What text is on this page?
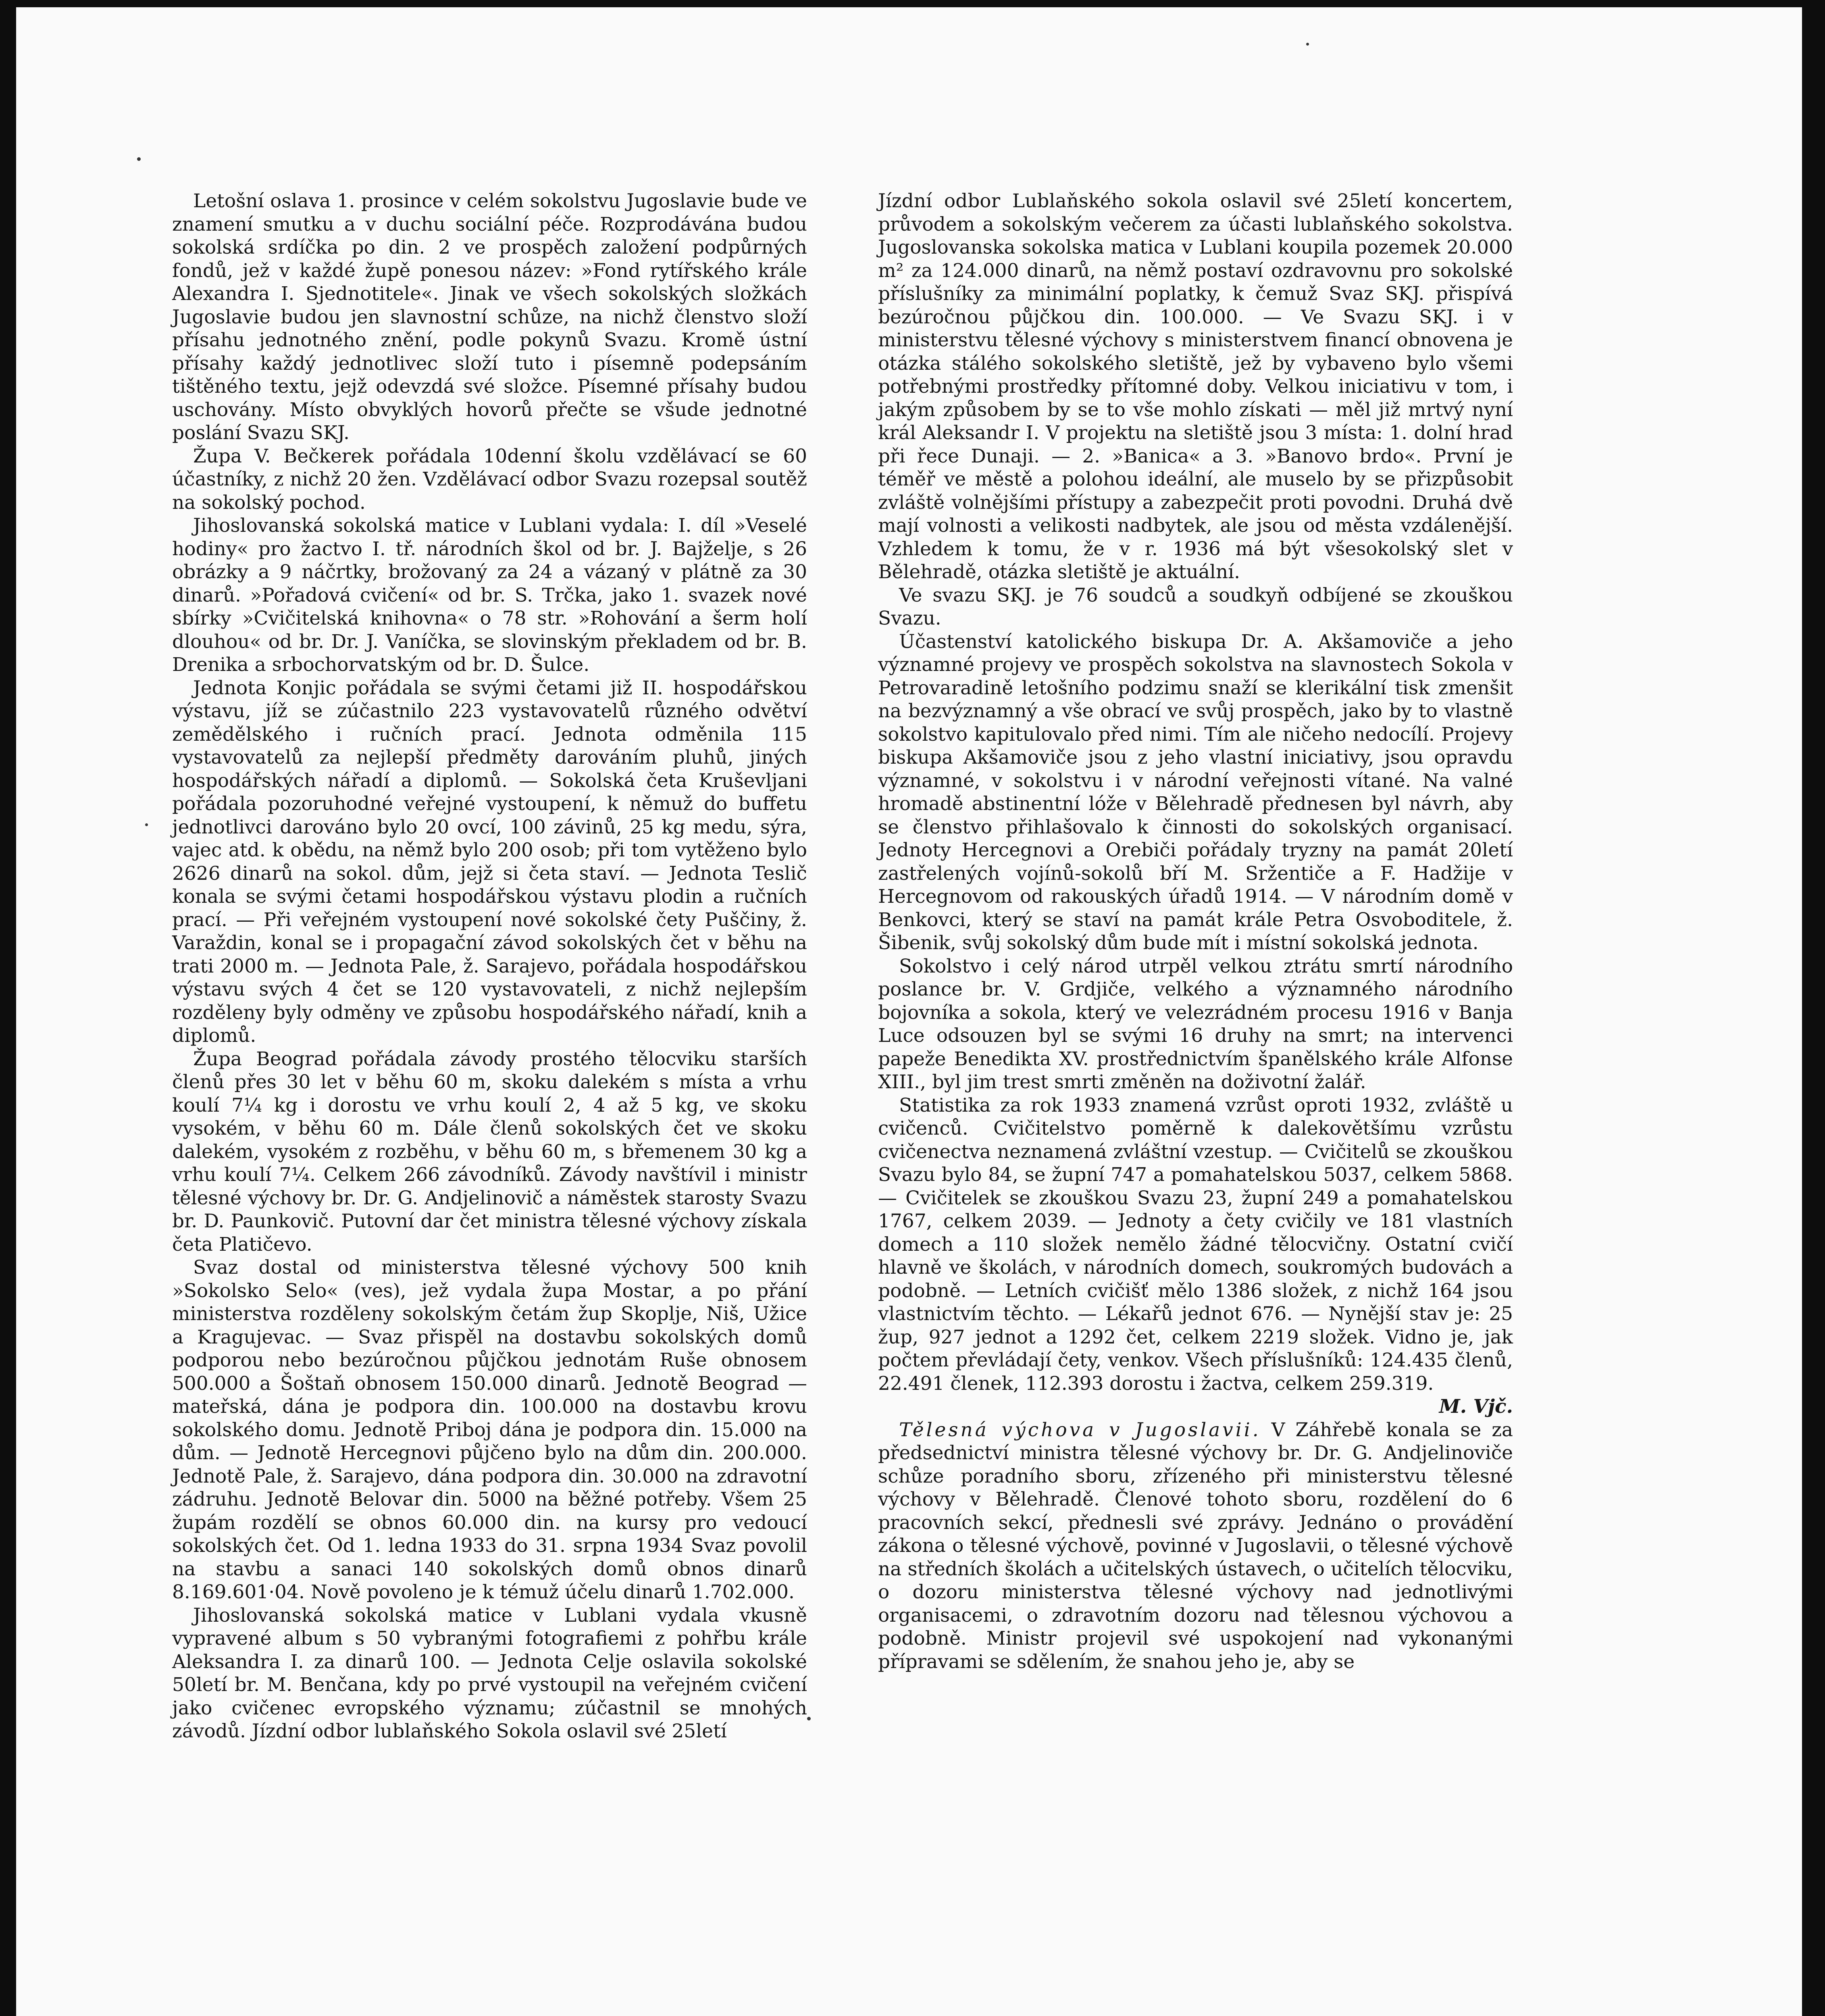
Letošní oslava 1. prosince v celém sokolstvu Jugoslavie bude ve znamení smutku a v duchu sociální péče. Rozprodávána budou sokolská srdíčka po din. 2 ve prospěch založení podpůrných fondů, jež v každé župě ponesou název: »Fond rytířského krále Alexandra I. Sjednotitele«. Jinak ve všech sokolských složkách Jugoslavie budou jen slavnostní schůze, na nichž členstvo složí přísahu jednotného znění, podle pokynů Svazu. Kromě ústní přísahy každý jednotlivec složí tuto i písemně podepsáním tištěného textu, jejž odevzdá své složce. Písemné přísahy budou uschovány. Místo obvyklých hovorů přečte se všude jednotné poslání Svazu SKJ.

Župa V. Bečkerek pořádala 10denní školu vzdělávací se 60 účastníky, z nichž 20 žen. Vzdělávací odbor Svazu rozepsal soutěž na sokolský pochod.

Jihoslovanská sokolská matice v Lublani vydala: I. díl »Veselé hodiny« pro žactvo I. tř. národních škol od br. J. Bajželje, s 26 obrázky a 9 náčrtky, brožovaný za 24 a vázaný v plátně za 30 dinarů. »Pořadová cvičení« od br. S. Trčka, jako 1. svazek nové sbírky »Cvičitelská knihovna« o 78 str. »Rohování a šerm holí dlouhou« od br. Dr. J. Vaníčka, se slovinským překladem od br. B. Drenika a srbochorvatským od br. D. Šulce.

Jednota Konjic pořádala se svými četami již II. hospodářskou výstavu, jíž se zúčastnilo 223 vystavovatelů různého odvětví zemědělského i ručních prací. Jednota odměnila 115 vystavovatelů za nejlepší předměty darováním pluhů, jiných hospodářských nářadí a diplomů. — Sokolská četa Kruševljani pořádala pozoruhodné veřejné vystoupení, k němuž do buffetu jednotlivci darováno bylo 20 ovcí, 100 závinů, 25 kg medu, sýra, vajec atd. k obědu, na němž bylo 200 osob; při tom vytěženo bylo 2626 dinarů na sokol. dům, jejž si četa staví. — Jednota Teslič konala se svými četami hospodářskou výstavu plodin a ručních prací. — Při veřejném vystoupení nové sokolské čety Puščiny, ž. Varaždin, konal se i propagační závod sokolských čet v běhu na trati 2000 m. — Jednota Pale, ž. Sarajevo, pořádala hospodářskou výstavu svých 4 čet se 120 vystavovateli, z nichž nejlepším rozděleny byly odměny ve způsobu hospodářského nářadí, knih a diplomů.

Župa Beograd pořádala závody prostého tělocviku starších členů přes 30 let v běhu 60 m, skoku dalekém s místa a vrhu koulí 7¼ kg i dorostu ve vrhu koulí 2, 4 až 5 kg, ve skoku vysokém, v běhu 60 m. Dále členů sokolských čet ve skoku dalekém, vysokém z rozběhu, v běhu 60 m, s břemenem 30 kg a vrhu koulí 7¼. Celkem 266 závodníků. Závody navštívil i ministr tělesné výchovy br. Dr. G. Andjelinovič a náměstek starosty Svazu br. D. Paunkovič. Putovní dar čet ministra tělesné výchovy získala četa Platičevo.

Svaz dostal od ministerstva tělesné výchovy 500 knih »Sokolsko Selo« (ves), jež vydala župa Mostar, a po přání ministerstva rozděleny sokolským četám žup Skoplje, Niš, Užice a Kragujevac. — Svaz přispěl na dostavbu sokolských domů podporou nebo bezúročnou půjčkou jednotám Ruše obnosem 500.000 a Šoštaň obnosem 150.000 dinarů. Jednotě Beograd — mateřská, dána je podpora din. 100.000 na dostavbu krovu sokolského domu. Jednotě Priboj dána je podpora din. 15.000 na dům. — Jednotě Hercegnovi půjčeno bylo na dům din. 200.000. Jednotě Pale, ž. Sarajevo, dána podpora din. 30.000 na zdravotní zádruhu. Jednotě Belovar din. 5000 na běžné potřeby. Všem 25 župám rozdělí se obnos 60.000 din. na kursy pro vedoucí sokolských čet. Od 1. ledna 1933 do 31. srpna 1934 Svaz povolil na stavbu a sanaci 140 sokolských domů obnos dinarů 8.169.601·04. Nově povoleno je k témuž účelu dinarů 1.702.000.

Jihoslovanská sokolská matice v Lublani vydala vkusně vypravené album s 50 vybranými fotografiemi z pohřbu krále Aleksandra I. za dinarů 100. — Jednota Celje oslavila sokolské 50letí br. M. Benčana, kdy po prvé vystoupil na veřejném cvičení jako cvičenec evropského významu; zúčastnil se mnohých závodů. Jízdní odbor lublaňského Sokola oslavil své 25letí

Jízdní odbor Lublaňského sokola oslavil své 25letí koncertem, průvodem a sokolským večerem za účasti lublaňského sokolstva. Jugoslovanska sokolska matica v Lublani koupila pozemek 20.000 m² za 124.000 dinarů, na němž postaví ozdravovnu pro sokolské příslušníky za minimální poplatky, k čemuž Svaz SKJ. přispívá bezúročnou půjčkou din. 100.000. — Ve Svazu SKJ. i v ministerstvu tělesné výchovy s ministerstvem financí obnovena je otázka stálého sokolského sletiště, jež by vybaveno bylo všemi potřebnými prostředky přítomné doby. Velkou iniciativu v tom, i jakým způsobem by se to vše mohlo získati — měl již mrtvý nyní král Aleksandr I. V projektu na sletiště jsou 3 místa: 1. dolní hrad při řece Dunaji. — 2. »Banica« a 3. »Banovo brdo«. První je téměř ve městě a polohou ideální, ale muselo by se přizpůsobit zvláště volnějšími přístupy a zabezpečit proti povodni. Druhá dvě mají volnosti a velikosti nadbytek, ale jsou od města vzdálenější. Vzhledem k tomu, že v r. 1936 má být všesokolský slet v Bělehradě, otázka sletiště je aktuální.

Ve svazu SKJ. je 76 soudců a soudkyň odbíjené se zkouškou Svazu.

Účastenství katolického biskupa Dr. A. Akšamoviče a jeho významné projevy ve prospěch sokolstva na slavnostech Sokola v Petrovaradině letošního podzimu snaží se klerikální tisk zmenšit na bezvýznamný a vše obrací ve svůj prospěch, jako by to vlastně sokolstvo kapitulovalo před nimi. Tím ale ničeho nedocílí. Projevy biskupa Akšamoviče jsou z jeho vlastní iniciativy, jsou opravdu významné, v sokolstvu i v národní veřejnosti vítané. Na valné hromadě abstinentní lóže v Bělehradě přednesen byl návrh, aby se členstvo přihlašovalo k činnosti do sokolských organisací. Jednoty Hercegnovi a Orebiči pořádaly tryzny na památ 20letí zastřelených vojínů-sokolů bří M. Sržentiče a F. Hadžije v Hercegnovom od rakouských úřadů 1914. — V národním domě v Benkovci, který se staví na památ krále Petra Osvoboditele, ž. Šibenik, svůj sokolský dům bude mít i místní sokolská jednota.

Sokolstvo i celý národ utrpěl velkou ztrátu smrtí národního poslance br. V. Grdjiče, velkého a významného národního bojovníka a sokola, který ve velezrádném procesu 1916 v Banja Luce odsouzen byl se svými 16 druhy na smrt; na intervenci papeže Benedikta XV. prostřednictvím španělského krále Alfonse XIII., byl jim trest smrti změněn na doživotní žalář.

Statistika za rok 1933 znamená vzrůst oproti 1932, zvláště u cvičenců. Cvičitelstvo poměrně k dalekovětšímu vzrůstu cvičenectva neznamená zvláštní vzestup. — Cvičitelů se zkouškou Svazu bylo 84, se župní 747 a pomahatelskou 5037, celkem 5868. — Cvičitelek se zkouškou Svazu 23, župní 249 a pomahatelskou 1767, celkem 2039. — Jednoty a čety cvičily ve 181 vlastních domech a 110 složek nemělo žádné tělocvičny. Ostatní cvičí hlavně ve školách, v národních domech, soukromých budovách a podobně. — Letních cvičišť mělo 1386 složek, z nichž 164 jsou vlastnictvím těchto. — Lékařů jednot 676. — Nynější stav je: 25 žup, 927 jednot a 1292 čet, celkem 2219 složek. Vidno je, jak počtem převládají čety, venkov. Všech příslušníků: 124.435 členů, 22.491 členek, 112.393 dorostu i žactva, celkem 259.319.
M. Vjč.

Tělesná výchova v Jugoslavii. V Záhřebě konala se za předsednictví ministra tělesné výchovy br. Dr. G. Andjelinoviče schůze poradního sboru, zřízeného při ministerstvu tělesné výchovy v Bělehradě. Členové tohoto sboru, rozdělení do 6 pracovních sekcí, přednesli své zprávy. Jednáno o provádění zákona o tělesné výchově, povinné v Jugoslavii, o tělesné výchově na středních školách a učitelských ústavech, o učitelích tělocviku, o dozoru ministerstva tělesné výchovy nad jednotlivými organisacemi, o zdravotním dozoru nad tělesnou výchovou a podobně. Ministr projevil své uspokojení nad vykonanými přípravami se sdělením, že snahou jeho je, aby se
